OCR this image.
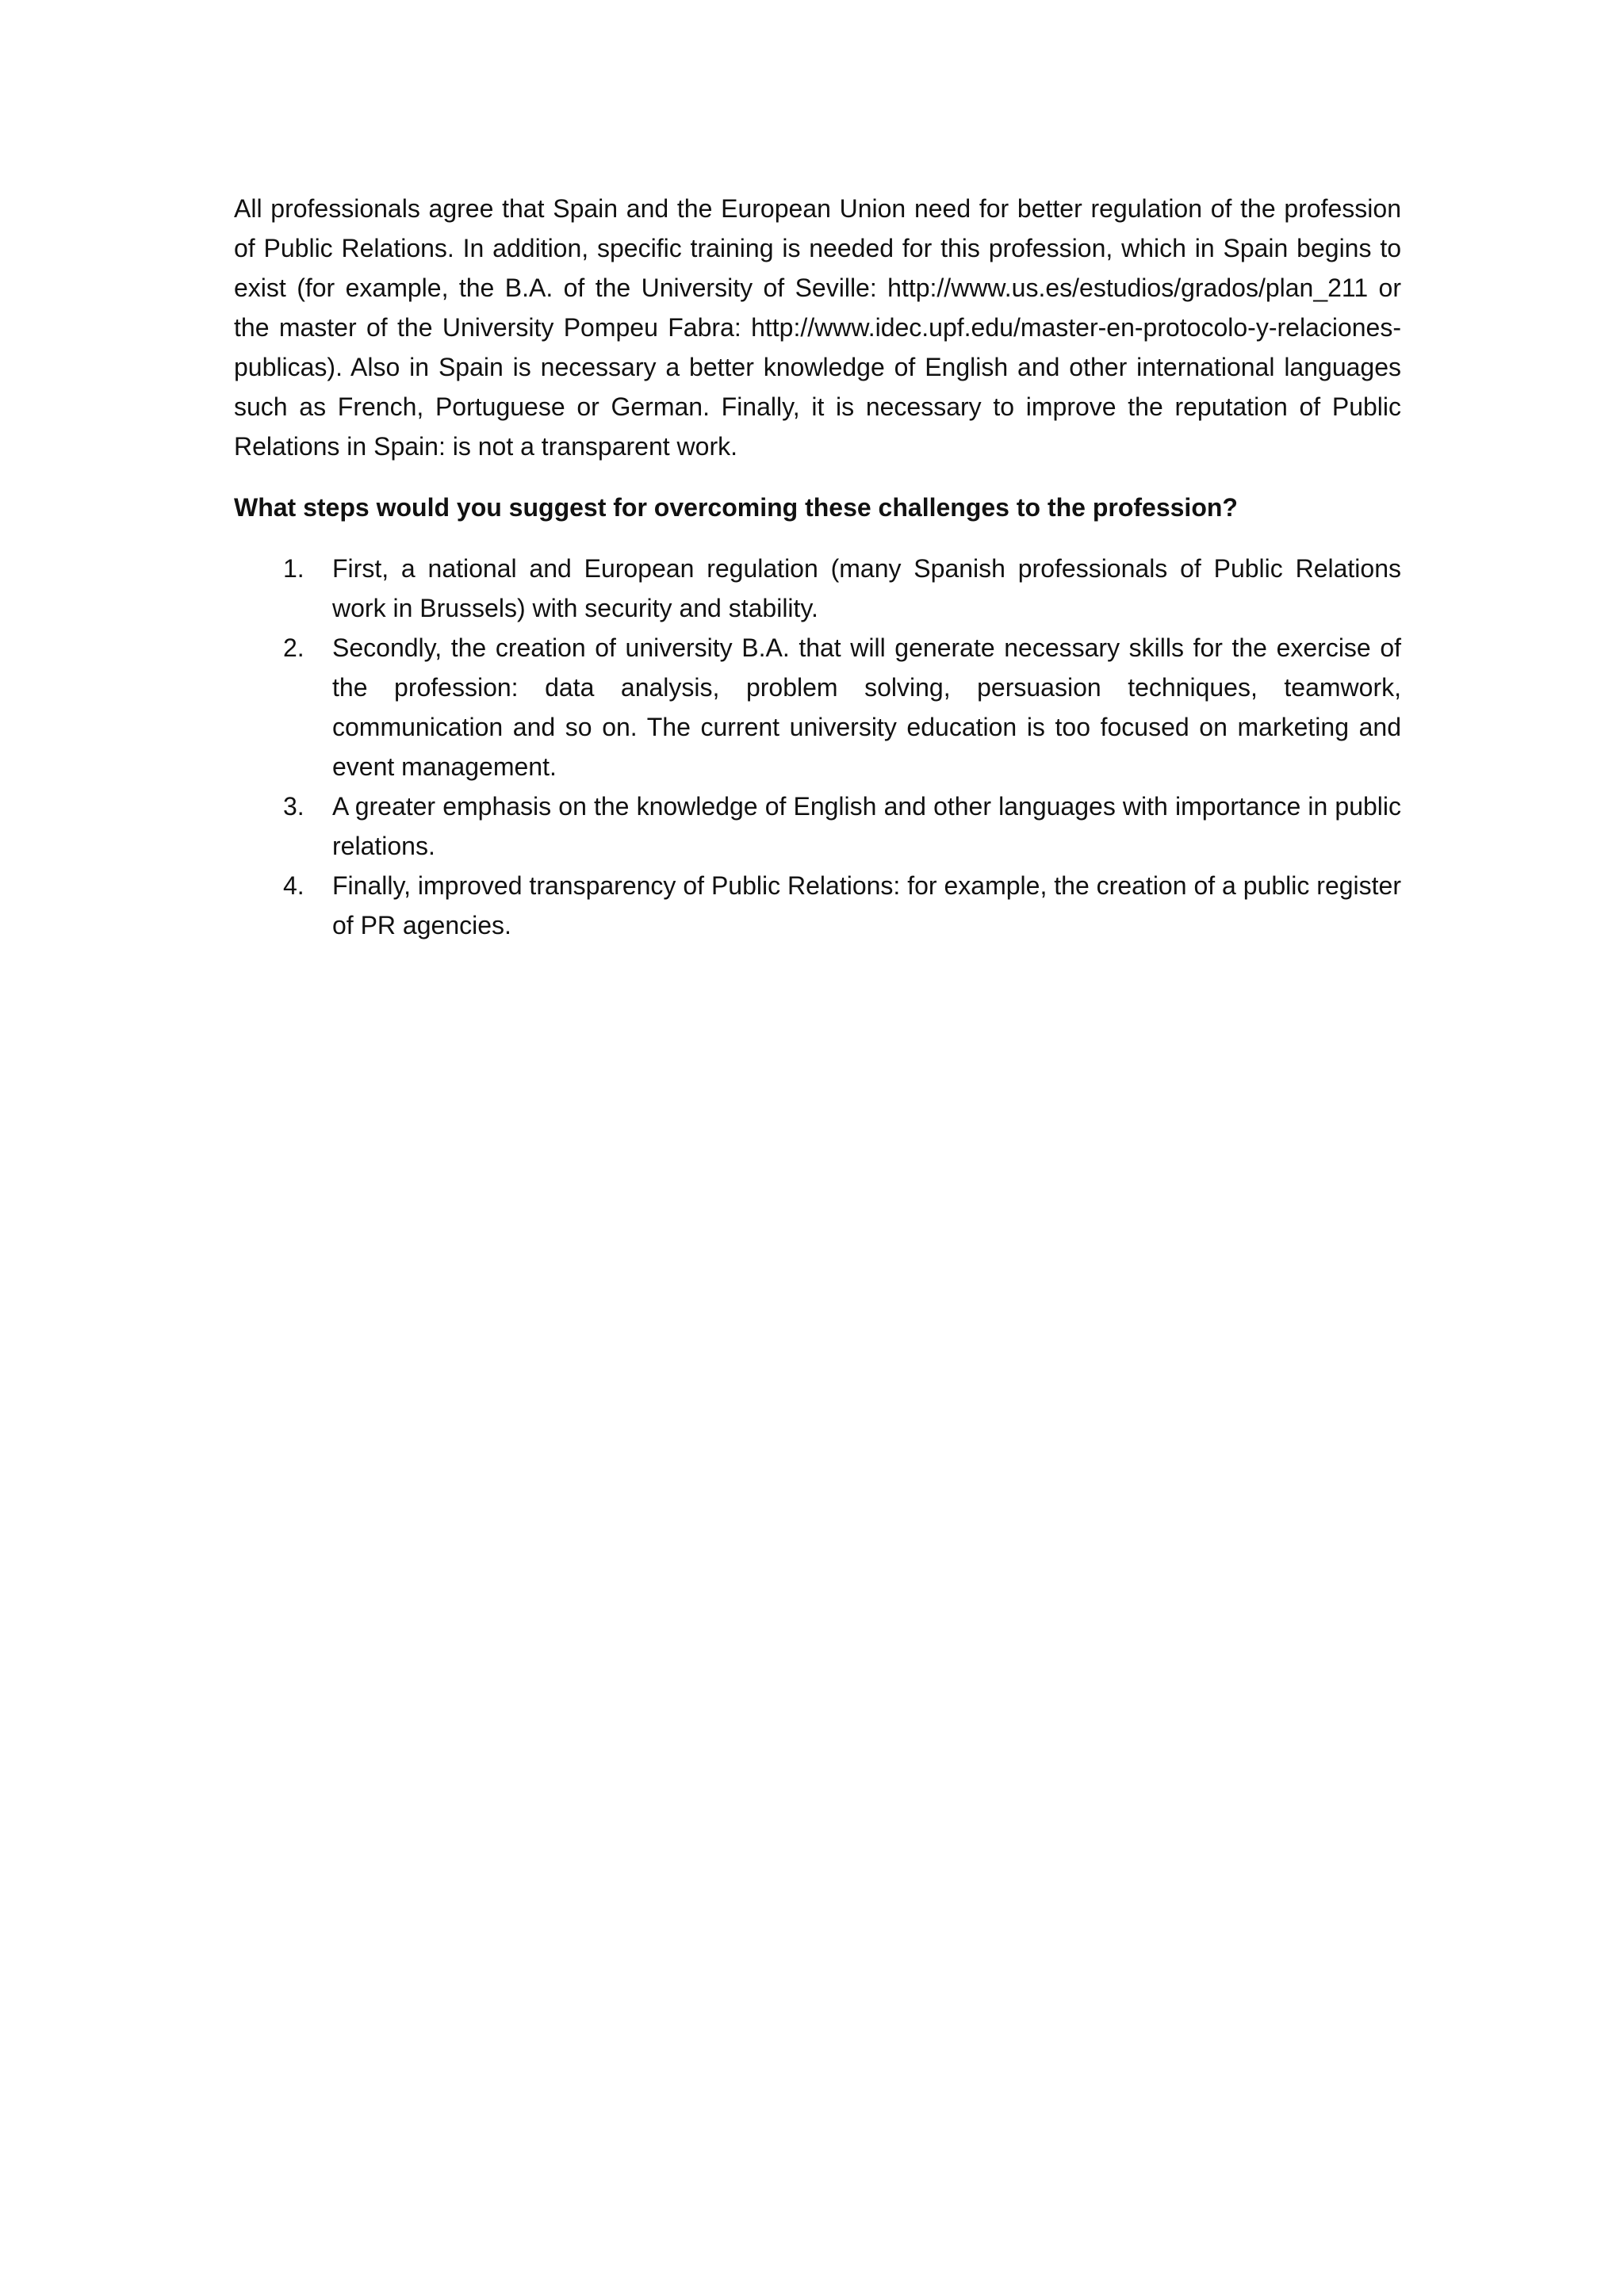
All professionals agree that Spain and the European Union need for better regulation of the profession of Public Relations. In addition, specific training is needed for this profession, which in Spain begins to exist (for example, the B.A. of the University of Seville: http://www.us.es/estudios/grados/plan_211 or the master of the University Pompeu Fabra: http://www.idec.upf.edu/master-en-protocolo-y-relaciones-publicas). Also in Spain is necessary a better knowledge of English and other international languages such as French, Portuguese or German. Finally, it is necessary to improve the reputation of Public Relations in Spain: is not a transparent work.

What steps would you suggest for overcoming these challenges to the profession?

1. First, a national and European regulation (many Spanish professionals of Public Relations work in Brussels) with security and stability.
2. Secondly, the creation of university B.A. that will generate necessary skills for the exercise of the profession: data analysis, problem solving, persuasion techniques, teamwork, communication and so on. The current university education is too focused on marketing and event management.
3. A greater emphasis on the knowledge of English and other languages with importance in public relations.
4. Finally, improved transparency of Public Relations: for example, the creation of a public register of PR agencies.
